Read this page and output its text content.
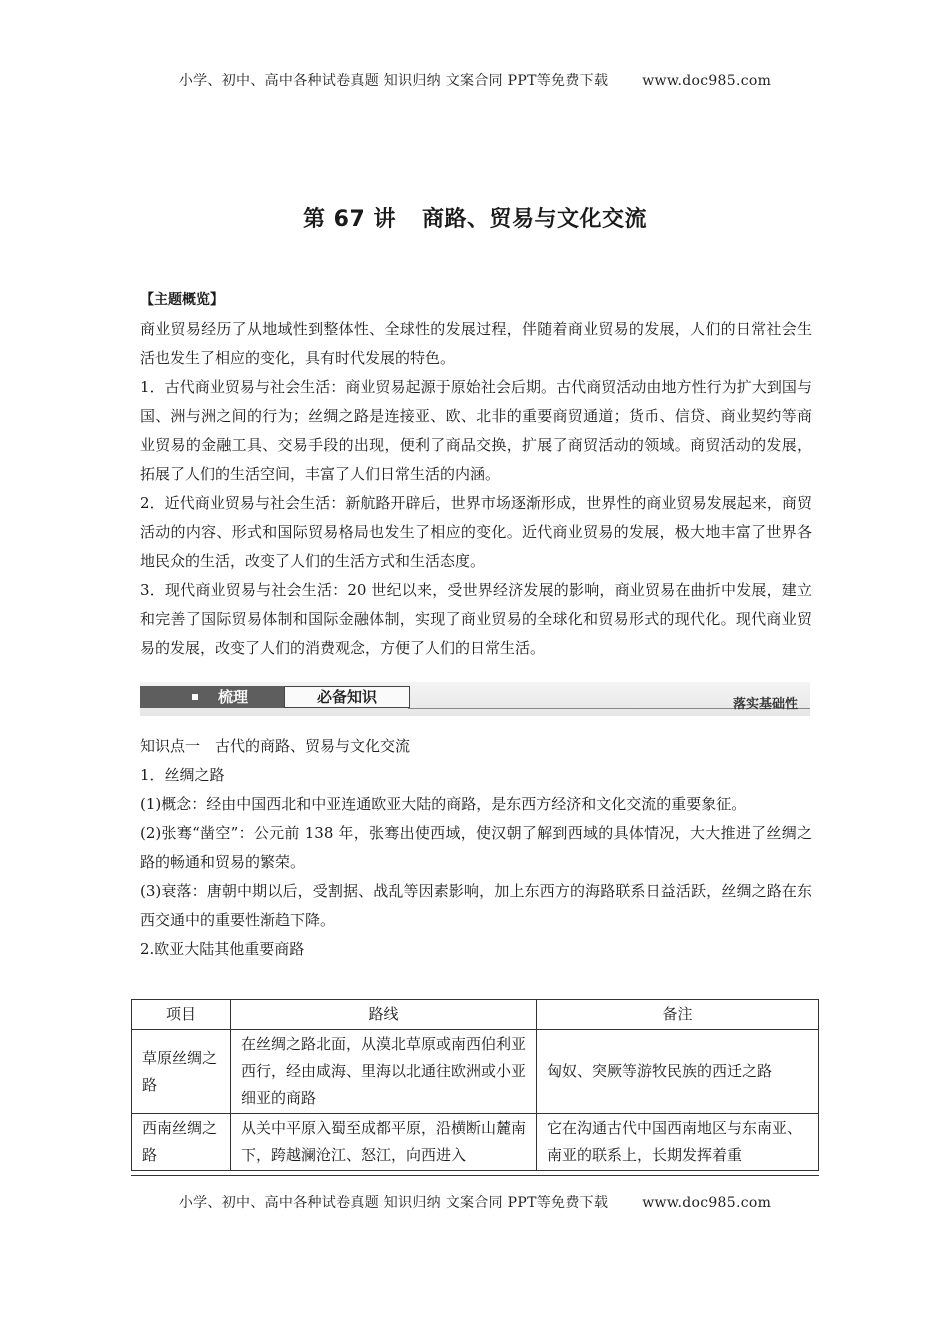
小学、初中、高中各种试卷真题 知识归纳 文案合同 PPT等免费下载 www.doc985.com
第 67 讲 商路、贸易与文化交流

【主题概览】

商业贸易经历了从地域性到整体性、全球性的发展过程，伴随着商业贸易的发展，人们的日常社会生活也发生了相应的变化，具有时代发展的特色。

1．古代商业贸易与社会生活：商业贸易起源于原始社会后期。古代商贸活动由地方性行为扩大到国与国、洲与洲之间的行为；丝绸之路是连接亚、欧、北非的重要商贸通道；货币、信贷、商业契约等商业贸易的金融工具、交易手段的出现，便利了商品交换，扩展了商贸活动的领域。商贸活动的发展，拓展了人们的生活空间，丰富了人们日常生活的内涵。

2．近代商业贸易与社会生活：新航路开辟后，世界市场逐渐形成，世界性的商业贸易发展起来，商贸活动的内容、形式和国际贸易格局也发生了相应的变化。近代商业贸易的发展，极大地丰富了世界各地民众的生活，改变了人们的生活方式和生活态度。

3．现代商业贸易与社会生活：20 世纪以来，受世界经济发展的影响，商业贸易在曲折中发展，建立和完善了国际贸易体制和国际金融体制，实现了商业贸易的全球化和贸易形式的现代化。现代商业贸易的发展，改变了人们的消费观念，方便了人们的日常生活。

梳理	必备知识	落实基础性

知识点一　古代的商路、贸易与文化交流

1．丝绸之路

(1)概念：经由中国西北和中亚连通欧亚大陆的商路，是东西方经济和文化交流的重要象征。

(2)张骞“凿空”：公元前 138 年，张骞出使西域，使汉朝了解到西域的具体情况，大大推进了丝绸之路的畅通和贸易的繁荣。

(3)衰落：唐朝中期以后，受割据、战乱等因素影响，加上东西方的海路联系日益活跃，丝绸之路在东西交通中的重要性渐趋下降。

2.欧亚大陆其他重要商路

项目	路线	备注
草原丝绸之路	在丝绸之路北面，从漠北草原或南西伯利亚西行，经由咸海、里海以北通往欧洲或小亚细亚的商路	匈奴、突厥等游牧民族的西迁之路
西南丝绸之路	从关中平原入蜀至成都平原，沿横断山麓南下，跨越澜沧江、怒江，向西进入	它在沟通古代中国西南地区与东南亚、南亚的联系上，长期发挥着重
小学、初中、高中各种试卷真题 知识归纳 文案合同 PPT等免费下载 www.doc985.com
